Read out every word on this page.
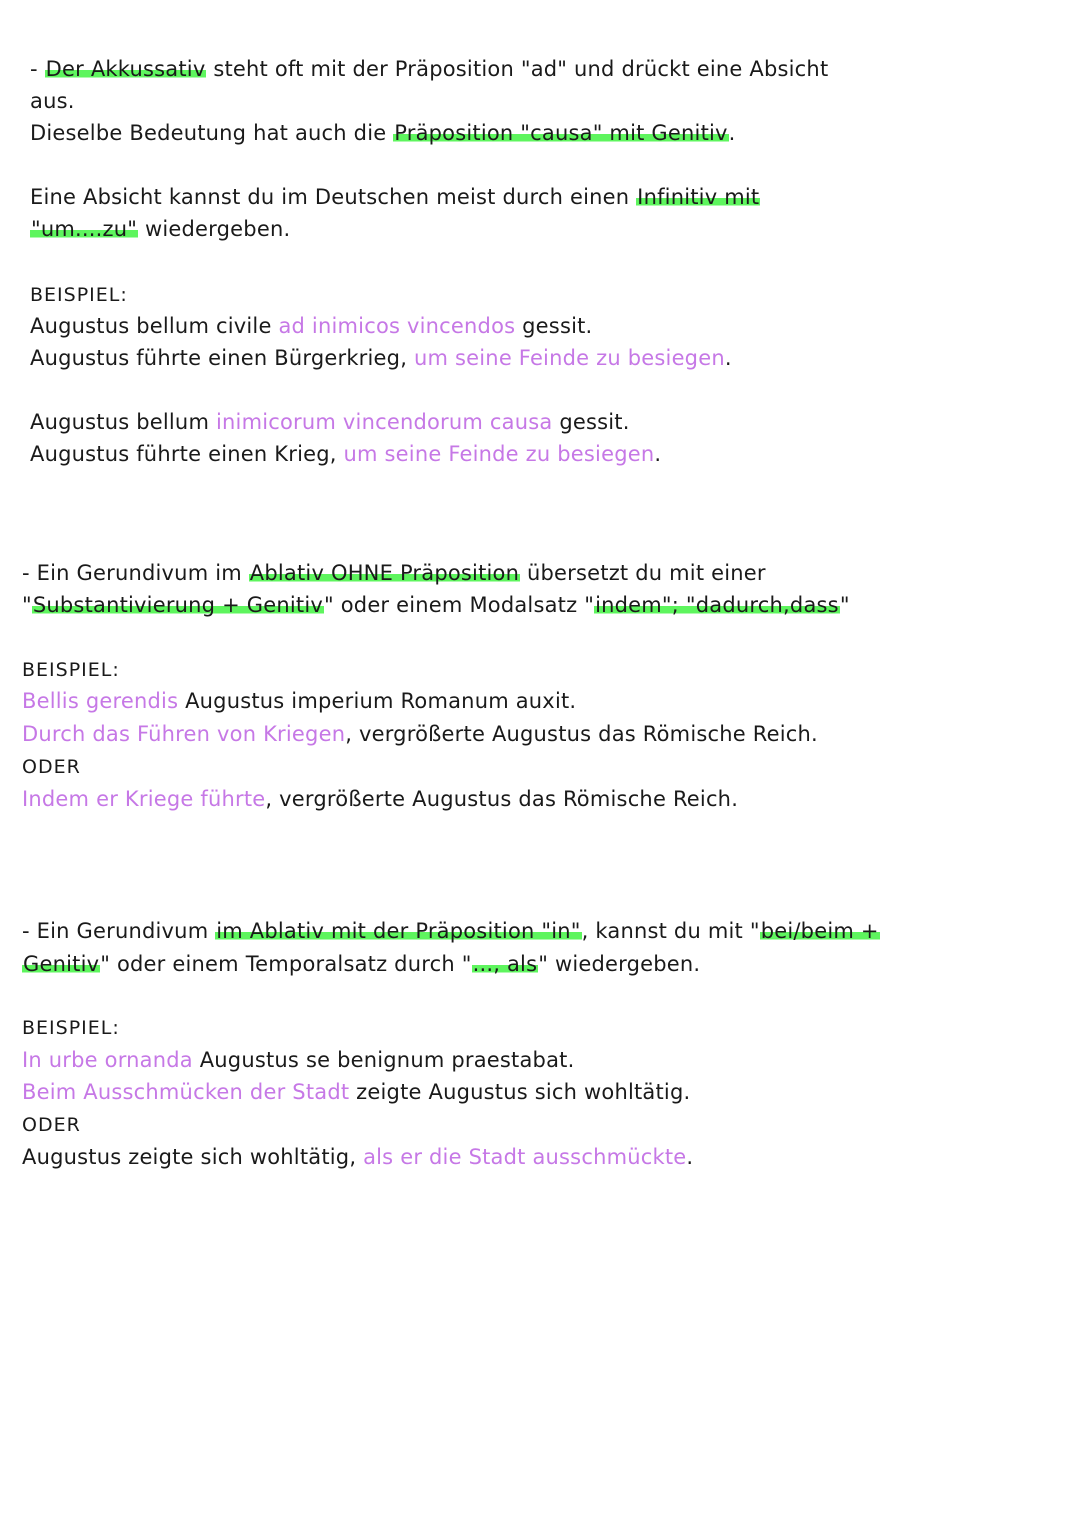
- Der Akkussativ steht oft mit der Präposition "ad" und drückt eine Absicht
aus.
Dieselbe Bedeutung hat auch die Präposition "causa" mit Genitiv.
Eine Absicht kannst du im Deutschen meist durch einen Infinitiv mit
"um....zu" wiedergeben.
BEISPIEL:
Augustus bellum civile ad inimicos vincendos gessit.
Augustus führte einen Bürgerkrieg, um seine Feinde zu besiegen.
Augustus bellum inimicorum vincendorum causa gessit.
Augustus führte einen Krieg, um seine Feinde zu besiegen.
- Ein Gerundivum im Ablativ OHNE Präposition übersetzt du mit einer
"Substantivierung + Genitiv" oder einem Modalsatz "indem"; "dadurch,dass"
BEISPIEL:
Bellis gerendis Augustus imperium Romanum auxit.
Durch das Führen von Kriegen, vergrößerte Augustus das Römische Reich.
ODER
Indem er Kriege führte, vergrößerte Augustus das Römische Reich.
- Ein Gerundivum im Ablativ mit der Präposition "in", kannst du mit "bei/beim +
Genitiv" oder einem Temporalsatz durch "..., als" wiedergeben.
BEISPIEL:
In urbe ornanda Augustus se benignum praestabat.
Beim Ausschmücken der Stadt zeigte Augustus sich wohltätig.
ODER
Augustus zeigte sich wohltätig, als er die Stadt ausschmückte.
